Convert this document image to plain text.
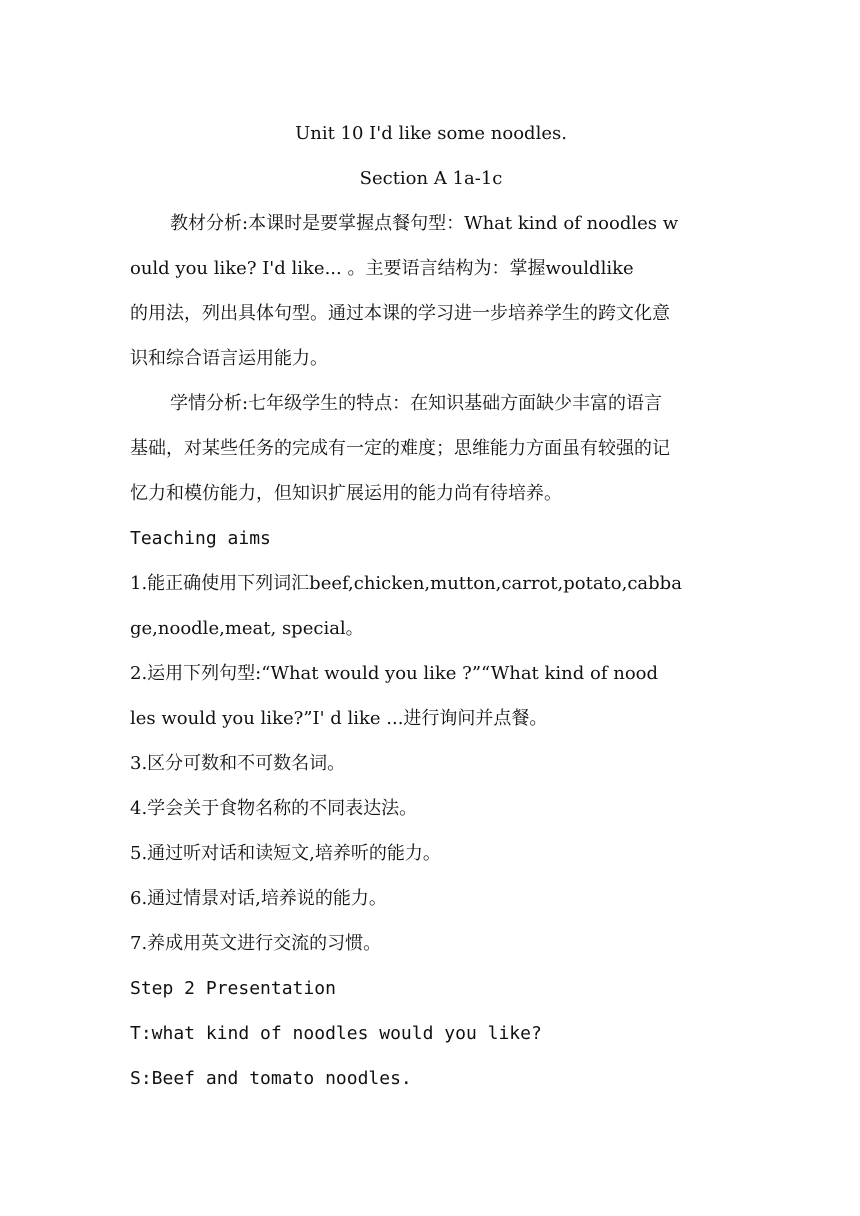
Unit 10 I'd like some noodles.
Section A 1a-1c
教材分析:本课时是要掌握点餐句型：What kind of noodles w
ould you like? I'd like... 。主要语言结构为：掌握wouldlike
的用法，列出具体句型。通过本课的学习进一步培养学生的跨文化意
识和综合语言运用能力。
学情分析:七年级学生的特点：在知识基础方面缺少丰富的语言
基础，对某些任务的完成有一定的难度；思维能力方面虽有较强的记
忆力和模仿能力，但知识扩展运用的能力尚有待培养。
Teaching aims
1.能正确使用下列词汇beef,chicken,mutton,carrot,potato,cabba
ge,noodle,meat, special。
2.运用下列句型:“What would you like ?”“What kind of nood
les would you like?”I' d like ...进行询问并点餐。
3.区分可数和不可数名词。
4.学会关于食物名称的不同表达法。
5.通过听对话和读短文,培养听的能力。
6.通过情景对话,培养说的能力。
7.养成用英文进行交流的习惯。
Step 2 Presentation
T:what kind of noodles would you like?
S:Beef and tomato noodles.
